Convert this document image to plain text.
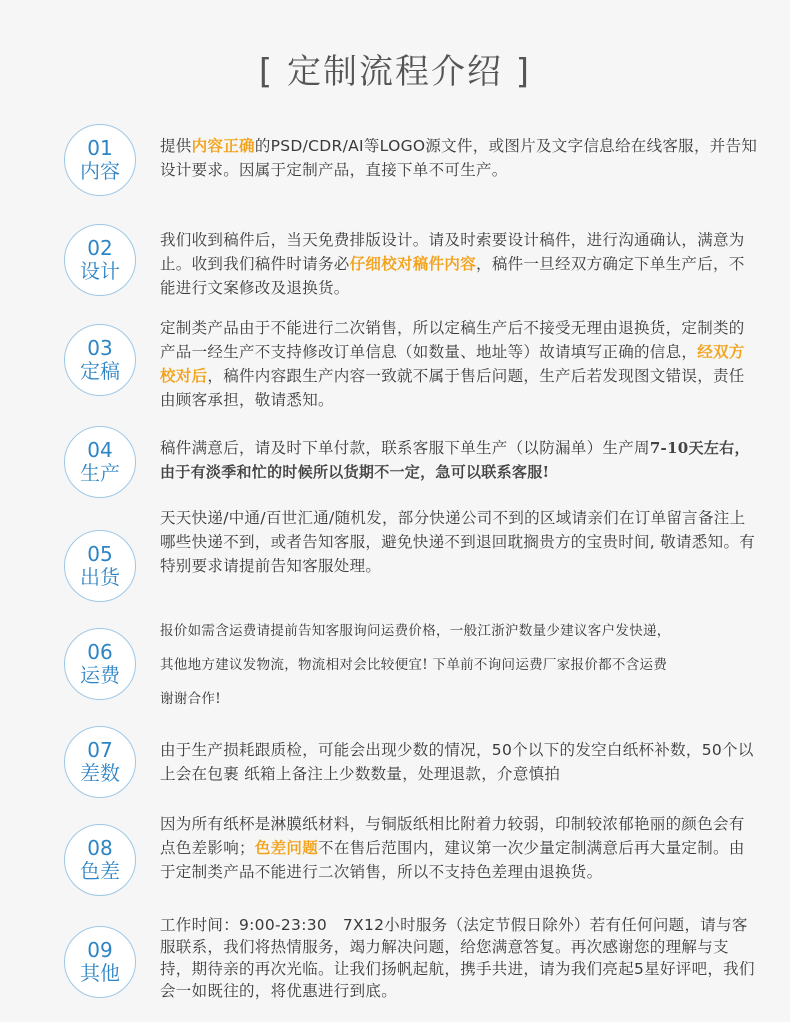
[ 定制流程介绍 ]
01
内容
提供内容正确的PSD/CDR/AI等LOGO源文件，或图片及文字信息给在线客服，并告知设计要求。因属于定制产品，直接下单不可生产。
02
设计
我们收到稿件后，当天免费排版设计。请及时索要设计稿件，进行沟通确认，满意为止。收到我们稿件时请务必仔细校对稿件内容，稿件一旦经双方确定下单生产后，不能进行文案修改及退换货。
03
定稿
定制类产品由于不能进行二次销售，所以定稿生产后不接受无理由退换货，定制类的产品一经生产不支持修改订单信息（如数量、地址等）故请填写正确的信息，经双方校对后，稿件内容跟生产内容一致就不属于售后问题，生产后若发现图文错误，责任由顾客承担，敬请悉知。
04
生产
稿件满意后，请及时下单付款，联系客服下单生产（以防漏单）生产周7-10天左右，由于有淡季和忙的时候所以货期不一定，急可以联系客服!
05
出货
天天快递/中通/百世汇通/随机发，部分快递公司不到的区域请亲们在订单留言备注上哪些快递不到，或者告知客服，避免快递不到退回耽搁贵方的宝贵时间, 敬请悉知。有特别要求请提前告知客服处理。
06
运费
报价如需含运费请提前告知客服询问运费价格，一般江浙沪数量少建议客户发快递，
其他地方建议发物流，物流相对会比较便宜! 下单前不询问运费厂家报价都不含运费
谢谢合作!
07
差数
由于生产损耗跟质检，可能会出现少数的情况，50个以下的发空白纸杯补数，50个以上会在包裹 纸箱上备注上少数数量，处理退款，介意慎拍
08
色差
因为所有纸杯是淋膜纸材料，与铜版纸相比附着力较弱，印制较浓郁艳丽的颜色会有点色差影响；色差问题不在售后范围内，建议第一次少量定制满意后再大量定制。由于定制类产品不能进行二次销售，所以不支持色差理由退换货。
09
其他
工作时间：9:00-23:30　7X12小时服务（法定节假日除外）若有任何问题，请与客服联系，我们将热情服务，竭力解决问题，给您满意答复。再次感谢您的理解与支持，期待亲的再次光临。让我们扬帆起航，携手共进，请为我们亮起5星好评吧，我们会一如既往的，将优惠进行到底。
